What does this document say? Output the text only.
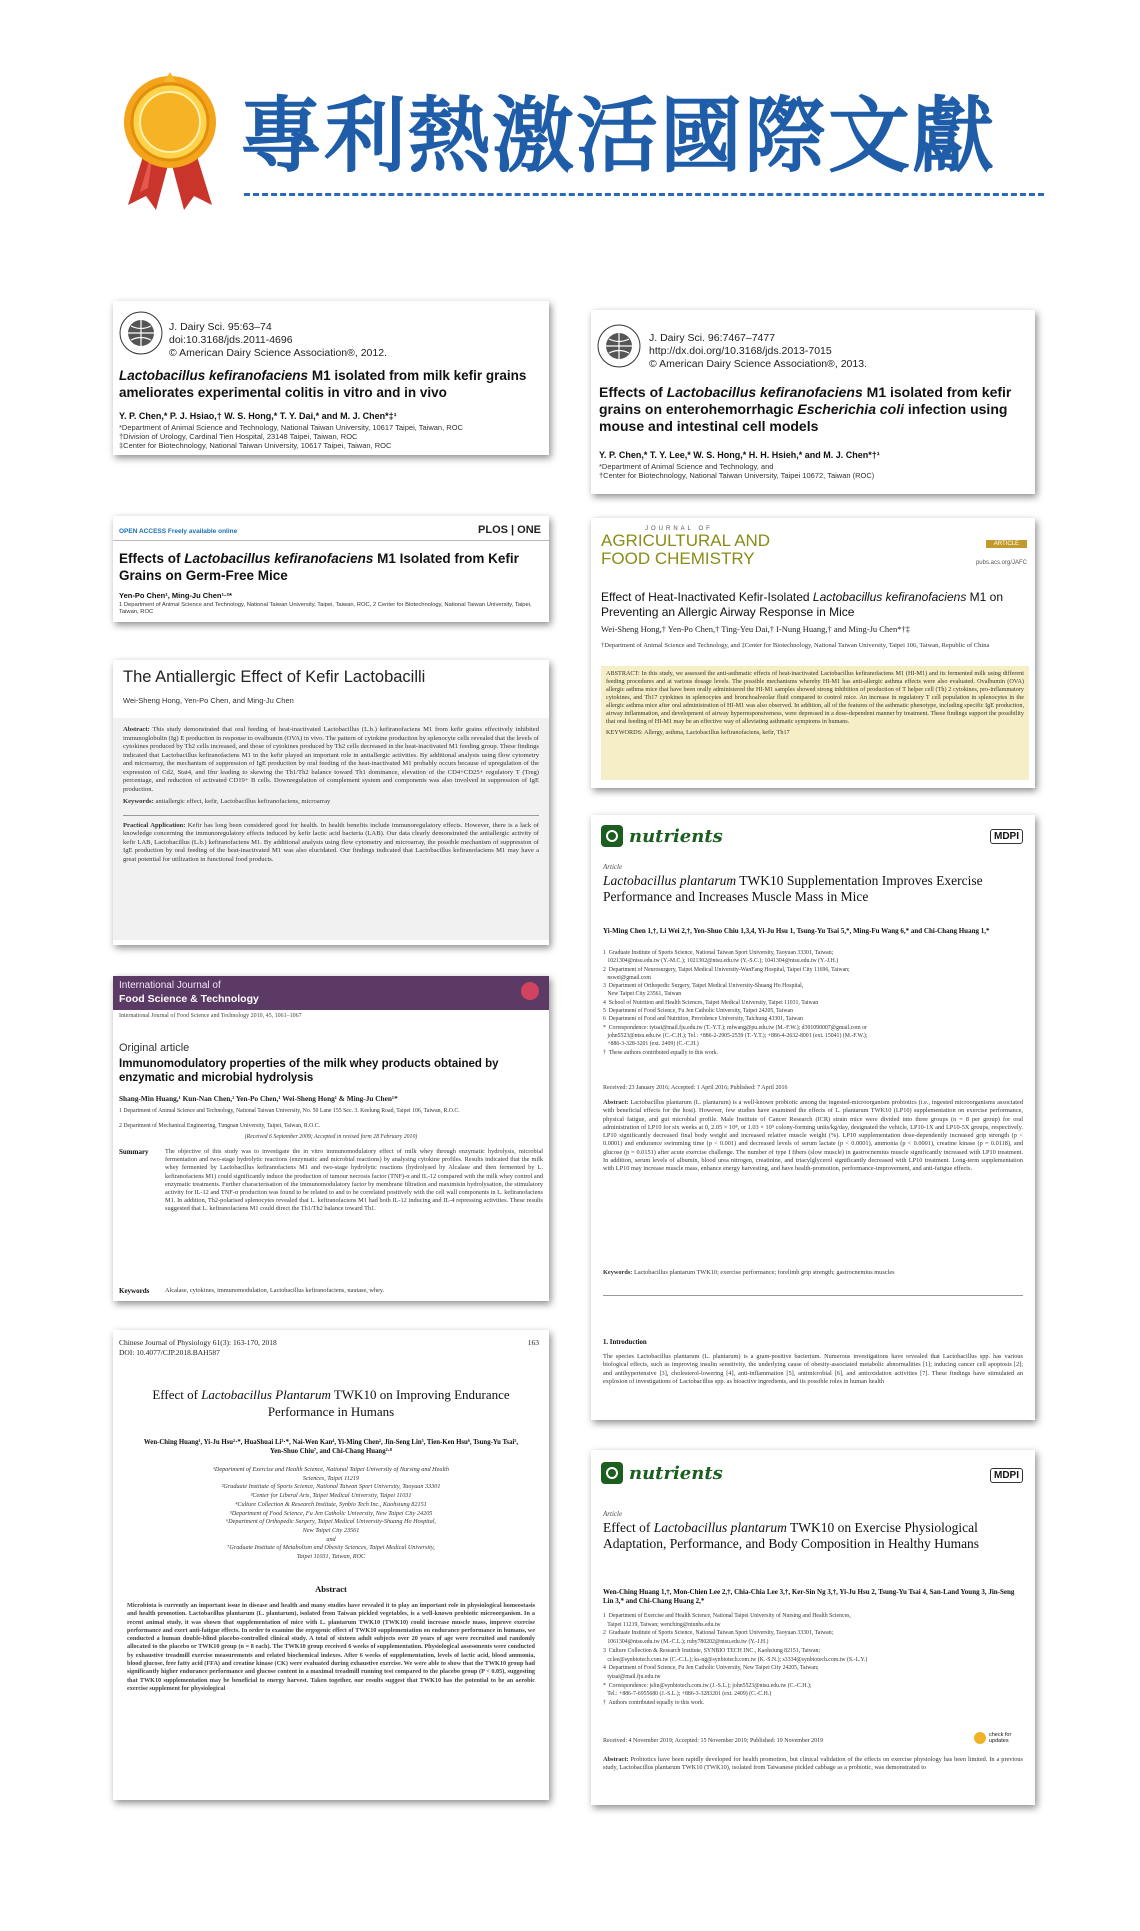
專利熱激活國際文獻
J. Dairy Sci. 95:63–74
doi:10.3168/jds.2011-4696
© American Dairy Science Association®, 2012.
Lactobacillus kefiranofaciens M1 isolated from milk kefir grains ameliorates experimental colitis in vitro and in vivo
Y. P. Chen,* P. J. Hsiao,† W. S. Hong,* T. Y. Dai,* and M. J. Chen*‡¹
*Department of Animal Science and Technology, National Taiwan University, 10617 Taipei, Taiwan, ROC
†Division of Urology, Cardinal Tien Hospital, 23148 Taipei, Taiwan, ROC
‡Center for Biotechnology, National Taiwan University, 10617 Taipei, Taiwan, ROC
J. Dairy Sci. 96:7467–7477
http://dx.doi.org/10.3168/jds.2013-7015
© American Dairy Science Association®, 2013.
Effects of Lactobacillus kefiranofaciens M1 isolated from kefir grains on enterohemorrhagic Escherichia coli infection using mouse and intestinal cell models
Y. P. Chen,* T. Y. Lee,* W. S. Hong,* H. H. Hsieh,* and M. J. Chen*†¹
*Department of Animal Science and Technology, and
†Center for Biotechnology, National Taiwan University, Taipei 10672, Taiwan (ROC)
OPEN ACCESS Freely available online	PLOS | ONE
Effects of Lactobacillus kefiranofaciens M1 Isolated from Kefir Grains on Germ-Free Mice
Yen-Po Chen¹, Ming-Ju Chen¹·²*
1 Department of Animal Science and Technology, National Taiwan University, Taipei, Taiwan, ROC, 2 Center for Biotechnology, National Taiwan University, Taipei, Taiwan, ROC
JOURNAL OF
AGRICULTURAL AND
FOOD CHEMISTRY
ARTICLE
pubs.acs.org/JAFC
Effect of Heat-Inactivated Kefir-Isolated Lactobacillus kefiranofaciens M1 on Preventing an Allergic Airway Response in Mice
Wei-Sheng Hong,† Yen-Po Chen,† Ting-Yeu Dai,† I-Nung Huang,† and Ming-Ju Chen*†‡
†Department of Animal Science and Technology, and ‡Center for Biotechnology, National Taiwan University, Taipei 106, Taiwan, Republic of China
ABSTRACT: In this study, we assessed the anti-asthmatic effects of heat-inactivated Lactobacillus kefiranofaciens M1 (HI-M1) and its fermented milk using different feeding procedures and at various dosage levels. The possible mechanisms whereby HI-M1 has anti-allergic asthma effects were also evaluated. Ovalbumin (OVA) allergic asthma mice that have been orally administered the HI-M1 samples showed strong inhibition of production of T helper cell (Th) 2 cytokines, pro-inflammatory cytokines, and Th17 cytokines in splenocytes and bronchoalveolar fluid compared to control mice. An increase in regulatory T cell population in splenocytes in the allergic asthma mice after oral administration of HI-M1 was also observed. In addition, all of the features of the asthmatic phenotype, including specific IgE production, airway inflammation, and development of airway hyperresponsiveness, were depressed in a dose-dependent manner by treatment. These findings support the possibility that oral feeding of HI-M1 may be an effective way of alleviating asthmatic symptoms in humans.
KEYWORDS: Allergy, asthma, Lactobacillus kefiranofaciens, kefir, Th17
The Antiallergic Effect of Kefir Lactobacilli
Wei-Sheng Hong, Yen-Po Chen, and Ming-Ju Chen
Abstract: This study demonstrated that oral feeding of heat-inactivated Lactobacillus (L.b.) kefiranofaciens M1 from kefir grains effectively inhibited immunoglobulin (Ig) E production in response to ovalbumin (OVA) in vivo. The pattern of cytokine production by splenocyte cells revealed that the levels of cytokines produced by Th2 cells increased, and those of cytokines produced by Th2 cells decreased in the heat-inactivated M1 feeding group. These findings indicated that Lactobacillus kefiranofaciens M1 in the kefir played an important role in antiallergic activities. By additional analysis using flow cytometry and microarray, the mechanism of suppression of IgE production by oral feeding of the heat-inactivated M1 probably occurs because of upregulation of the expression of Cd2, Stat4, and Ifnr leading to skewing the Th1/Th2 balance toward Th1 dominance, elevation of the CD4+CD25+ regulatory T (Treg) percentage, and reduction of activated CD19+ B cells. Downregulation of complement system and components was also involved in suppression of IgE production.
Keywords: antiallergic effect, kefir, Lactobacillus kefiranofaciens, microarray
Practical Application: Kefir has long been considered good for health. In health benefits include immunoregulatory effects. However, there is a lack of knowledge concerning the immunoregulatory effects induced by kefir lactic acid bacteria (LAB). Our data clearly demonstrated the antiallergic activity of kefir LAB, Lactobacillus (L.b.) kefiranofaciens M1. By additional analysis using flow cytometry and microarray, the possible mechanism of suppression of IgE production by oral feeding of the heat-inactivated M1 was also elucidated. Our findings indicated that Lactobacillus kefiranofaciens M1 may have a great potential for utilization in functional food products.
International Journal of
Food Science & Technology
International Journal of Food Science and Technology 2010, 45, 1061–1067
Original article
Immunomodulatory properties of the milk whey products obtained by enzymatic and microbial hydrolysis
Shang-Min Huang,¹ Kun-Nan Chen,² Yen-Po Chen,¹ Wei-Sheng Hong¹ & Ming-Ju Chen¹*
1 Department of Animal Science and Technology, National Taiwan University, No. 50 Lane 155 Sec. 3. Keelung Road, Taipei 106, Taiwan, R.O.C.
2 Department of Mechanical Engineering, Tungnan University, Taipei, Taiwan, R.O.C.
(Received 6 September 2009; Accepted in revised form 28 February 2010)
Summary	The objective of this study was to investigate the in vitro immunomodulatory effect of milk whey through enzymatic hydrolysis, microbial fermentation and two-stage hydrolytic reactions (enzymatic and microbial reactions) by analysing cytokine profiles. Results indicated that the milk whey fermented by Lactobacillus kefiranofaciens M1 and two-stage hydrolytic reactions (hydrolysed by Alcalase and then fermented by L. kefiranofaciens M1) could significantly induce the production of tumour necrosis factor (TNF)-α and IL-12 compared with the milk whey control and enzymatic treatments. Further characterisation of the immunomodulatory factor by membrane filtration and maximisin hydrolysation, the stimulatory activity for IL-12 and TNF-α production was found to be related to and to be correlated positively with the cell wall components in L. kefiranofaciens M1. In addition, Th2-polarised splenocytes revealed that L. kefiranofaciens M1 had both IL-12 inducing and IL-4 repressing activities. These results suggested that L. kefiranofaciens M1 could direct the Th1/Th2 balance toward Th1.
Keywords Alcalase, cytokines, immunomodulation, Lactobacillus kefiranofaciens, nautase, whey.
nutrients	MDPI
Article
Lactobacillus plantarum TWK10 Supplementation Improves Exercise Performance and Increases Muscle Mass in Mice
Yi-Ming Chen 1,†, Li Wei 2,†, Yen-Shuo Chiu 1,3,4, Yi-Ju Hsu 1, Tsung-Yu Tsai 5,*, Ming-Fu Wang 6,* and Chi-Chang Huang 1,*
1  Graduate Institute of Sports Science, National Taiwan Sport University, Taoyuan 33301, Taiwan;
1021304@ntsu.edu.tw (Y.-M.C.); 1021302@ntsu.edu.tw (Y.-S.C.); 1041304@ntsu.edu.tw (Y.-J.H.)
2  Department of Neurosurgery, Taipei Medical University-WanFang Hospital, Taipei City 11696, Taiwan;
nswei@gmail.com
3  Department of Orthopedic Surgery, Taipei Medical University-Shuang Ho Hospital,
New Taipei City 23561, Taiwan
4  School of Nutrition and Health Sciences, Taipei Medical University, Taipei 11031, Taiwan
5  Department of Food Science, Fu Jen Catholic University, Taipei 24205, Taiwan
6  Department of Food and Nutrition, Providence University, Taichung 43301, Taiwan
*  Correspondence: tytsai@mail.fju.edu.tw (T.-Y.T.); mfwang@pu.edu.tw (M.-F.W.); d301090007@gmail.com or
john5523@ntsu.edu.tw (C.-C.H.); Tel.: +886-2-2905-2539 (T.-Y.T.); +886-4-2632-8001 (ext. 15041) (M.-F.W.);
+886-3-328-3201 (ext. 2409) (C.-C.H.)
†  These authors contributed equally to this work.
Received: 23 January 2016; Accepted: 1 April 2016; Published: 7 April 2016
Abstract: Lactobacillus plantarum (L. plantarum) is a well-known probiotic among the ingested-microorganism probiotics (i.e., ingested microorganisms associated with beneficial effects for the host). However, few studies have examined the effects of L. plantarum TWK10 (LP10) supplementation on exercise performance, physical fatigue, and gut microbial profile. Male Institute of Cancer Research (ICR) strain mice were divided into three groups (n = 8 per group) for oral administration of LP10 for six weeks at 0, 2.05 × 10⁸, or 1.03 × 10⁹ colony-forming units/kg/day, designated the vehicle, LP10-1X and LP10-5X groups, respectively. LP10 significantly decreased final body weight and increased relative muscle weight (%). LP10 supplementation dose-dependently increased grip strength (p < 0.0001) and endurance swimming time (p < 0.001) and decreased levels of serum lactate (p < 0.0001), ammonia (p < 0.0001), creatine kinase (p = 0.0118), and glucose (p = 0.0151) after acute exercise challenge. The number of type I fibers (slow muscle) in gastrocnemius muscle significantly increased with LP10 treatment. In addition, serum levels of albumin, blood urea nitrogen, creatinine, and triacylglycerol significantly decreased with LP10 treatment. Long-term supplementation with LP10 may increase muscle mass, enhance energy harvesting, and have health-promotion, performance-improvement, and anti-fatigue effects.
Keywords: Lactobacillus plantarum TWK10; exercise performance; forelimb grip strength; gastrocnemius muscles
1. Introduction
The species Lactobacillus plantarum (L. plantarum) is a gram-positive bacterium. Numerous investigations have revealed that Lactobacillus spp. has various biological effects, such as improving insulin sensitivity, the underlying cause of obesity-associated metabolic abnormalities [1]; inducing cancer cell apoptosis [2]; and antihypertensive [3], cholesterol-lowering [4], anti-inflammation [5], antimicrobial [6], and antioxidation activities [7]. These findings have stimulated an explosion of investigations of Lactobacillus spp. as bioactive ingredients, and its possible roles in human health
Chinese Journal of Physiology 61(3): 163-170, 2018
DOI: 10.4077/CJP.2018.BAH587
163
Effect of Lactobacillus Plantarum TWK10 on Improving Endurance Performance in Humans
Wen-Ching Huang¹, Yi-Ju Hsu²·*, HuaShuai Li³·*, Nai-Wen Kan⁴, Yi-Ming Chen², Jin-Seng Lin⁵, Tien-Ken Hsu⁶, Tsung-Yu Tsai⁵, Yen-Shuo Chiu⁷, and Chi-Chang Huang²·⁸
¹Department of Exercise and Health Science, National Taipei University of Nursing and Health
Sciences, Taipei 11219
²Graduate Institute of Sports Science, National Taiwan Sport University, Taoyuan 33301
³Center for Liberal Arts, Taipei Medical University, Taipei 11031
⁴Culture Collection & Research Institute, Synbio Tech Inc., Kaohsiung 82151
⁵Department of Food Science, Fu Jen Catholic University, New Taipei City 24205
⁶Department of Orthopedic Surgery, Taipei Medical University-Shuang Ho Hospital,
New Taipei City 23561
and
⁷Graduate Institute of Metabolism and Obesity Sciences, Taipei Medical University,
Taipei 11031, Taiwan, ROC
Abstract
Microbiota is currently an important issue in disease and health and many studies have revealed it to play an important role in physiological homeostasis and health promotion. Lactobacillus plantarum (L. plantarum), isolated from Taiwan pickled vegetables, is a well-known probiotic microorganism. In a recent animal study, it was shown that supplementation of mice with L. plantarum TWK10 (TWK10) could increase muscle mass, improve exercise performance and exert anti-fatigue effects. In order to examine the ergogenic effect of TWK10 supplementation on endurance performance in humans, we conducted a human double-blind placebo-controlled clinical study. A total of sixteen adult subjects over 20 years of age were recruited and randomly allocated to the placebo or TWK10 group (n = 8 each). The TWK10 group received 6 weeks of supplementation. Physiological assessments were conducted by exhaustive treadmill exercise measurements and related biochemical indexes. After 6 weeks of supplementation, levels of lactic acid, blood ammonia, blood glucose, free fatty acid (FFA) and creatine kinase (CK) were evaluated during exhaustive exercise. We were able to show that the TWK10 group had significantly higher endurance performance and glucose content in a maximal treadmill running test compared to the placebo group (P < 0.05), suggesting that TWK10 supplementation may be beneficial to energy harvest. Taken together, our results suggest that TWK10 has the potential to be an aerobic exercise supplement for physiological
nutrients	MDPI
Article
Effect of Lactobacillus plantarum TWK10 on Exercise Physiological Adaptation, Performance, and Body Composition in Healthy Humans
Wen-Ching Huang 1,†, Mon-Chien Lee 2,†, Chia-Chia Lee 3,†, Ker-Sin Ng 3,†, Yi-Ju Hsu 2, Tsung-Yu Tsai 4, San-Land Young 3, Jin-Seng Lin 3,* and Chi-Chang Huang 2,*
1  Department of Exercise and Health Science, National Taipei University of Nursing and Health Sciences,
Taipei 11219, Taiwan; wenching@ntunhs.edu.tw
2  Graduate Institute of Sports Science, National Taiwan Sport University, Taoyuan 33301, Taiwan;
1061304@ntsu.edu.tw (M.-C.L.); ruby780202@ntsu.edu.tw (Y.-J.H.)
3  Culture Collection & Research Institute, SYNBIO TECH INC., Kaohsiung 82151, Taiwan;
cclee@synbiotech.com.tw (C.-C.L.); ks-ng@synbiotech.com.tw (K.-S.N.); s3334@synbiotech.com.tw (S.-L.Y.)
4  Department of Food Science, Fu Jen Catholic University, New Taipei City 24205, Taiwan;
tytsai@mail.fju.edu.tw
*  Correspondence: jslin@synbiotech.com.tw (J.-S.L.); john5523@ntsu.edu.tw (C.-C.H.);
Tel.: +886-7-6955680 (J.-S.L.); +886-3-3283201 (ext. 2409) (C.-C.H.)
†  Authors contributed equally to this work.
Received: 4 November 2019; Accepted: 15 November 2019; Published: 19 November 2019
check for updates
Abstract: Probiotics have been rapidly developed for health promotion, but clinical validation of the effects on exercise physiology has been limited. In a previous study, Lactobacillus plantarum TWK10 (TWK10), isolated from Taiwanese pickled cabbage as a probiotic, was demonstrated to
